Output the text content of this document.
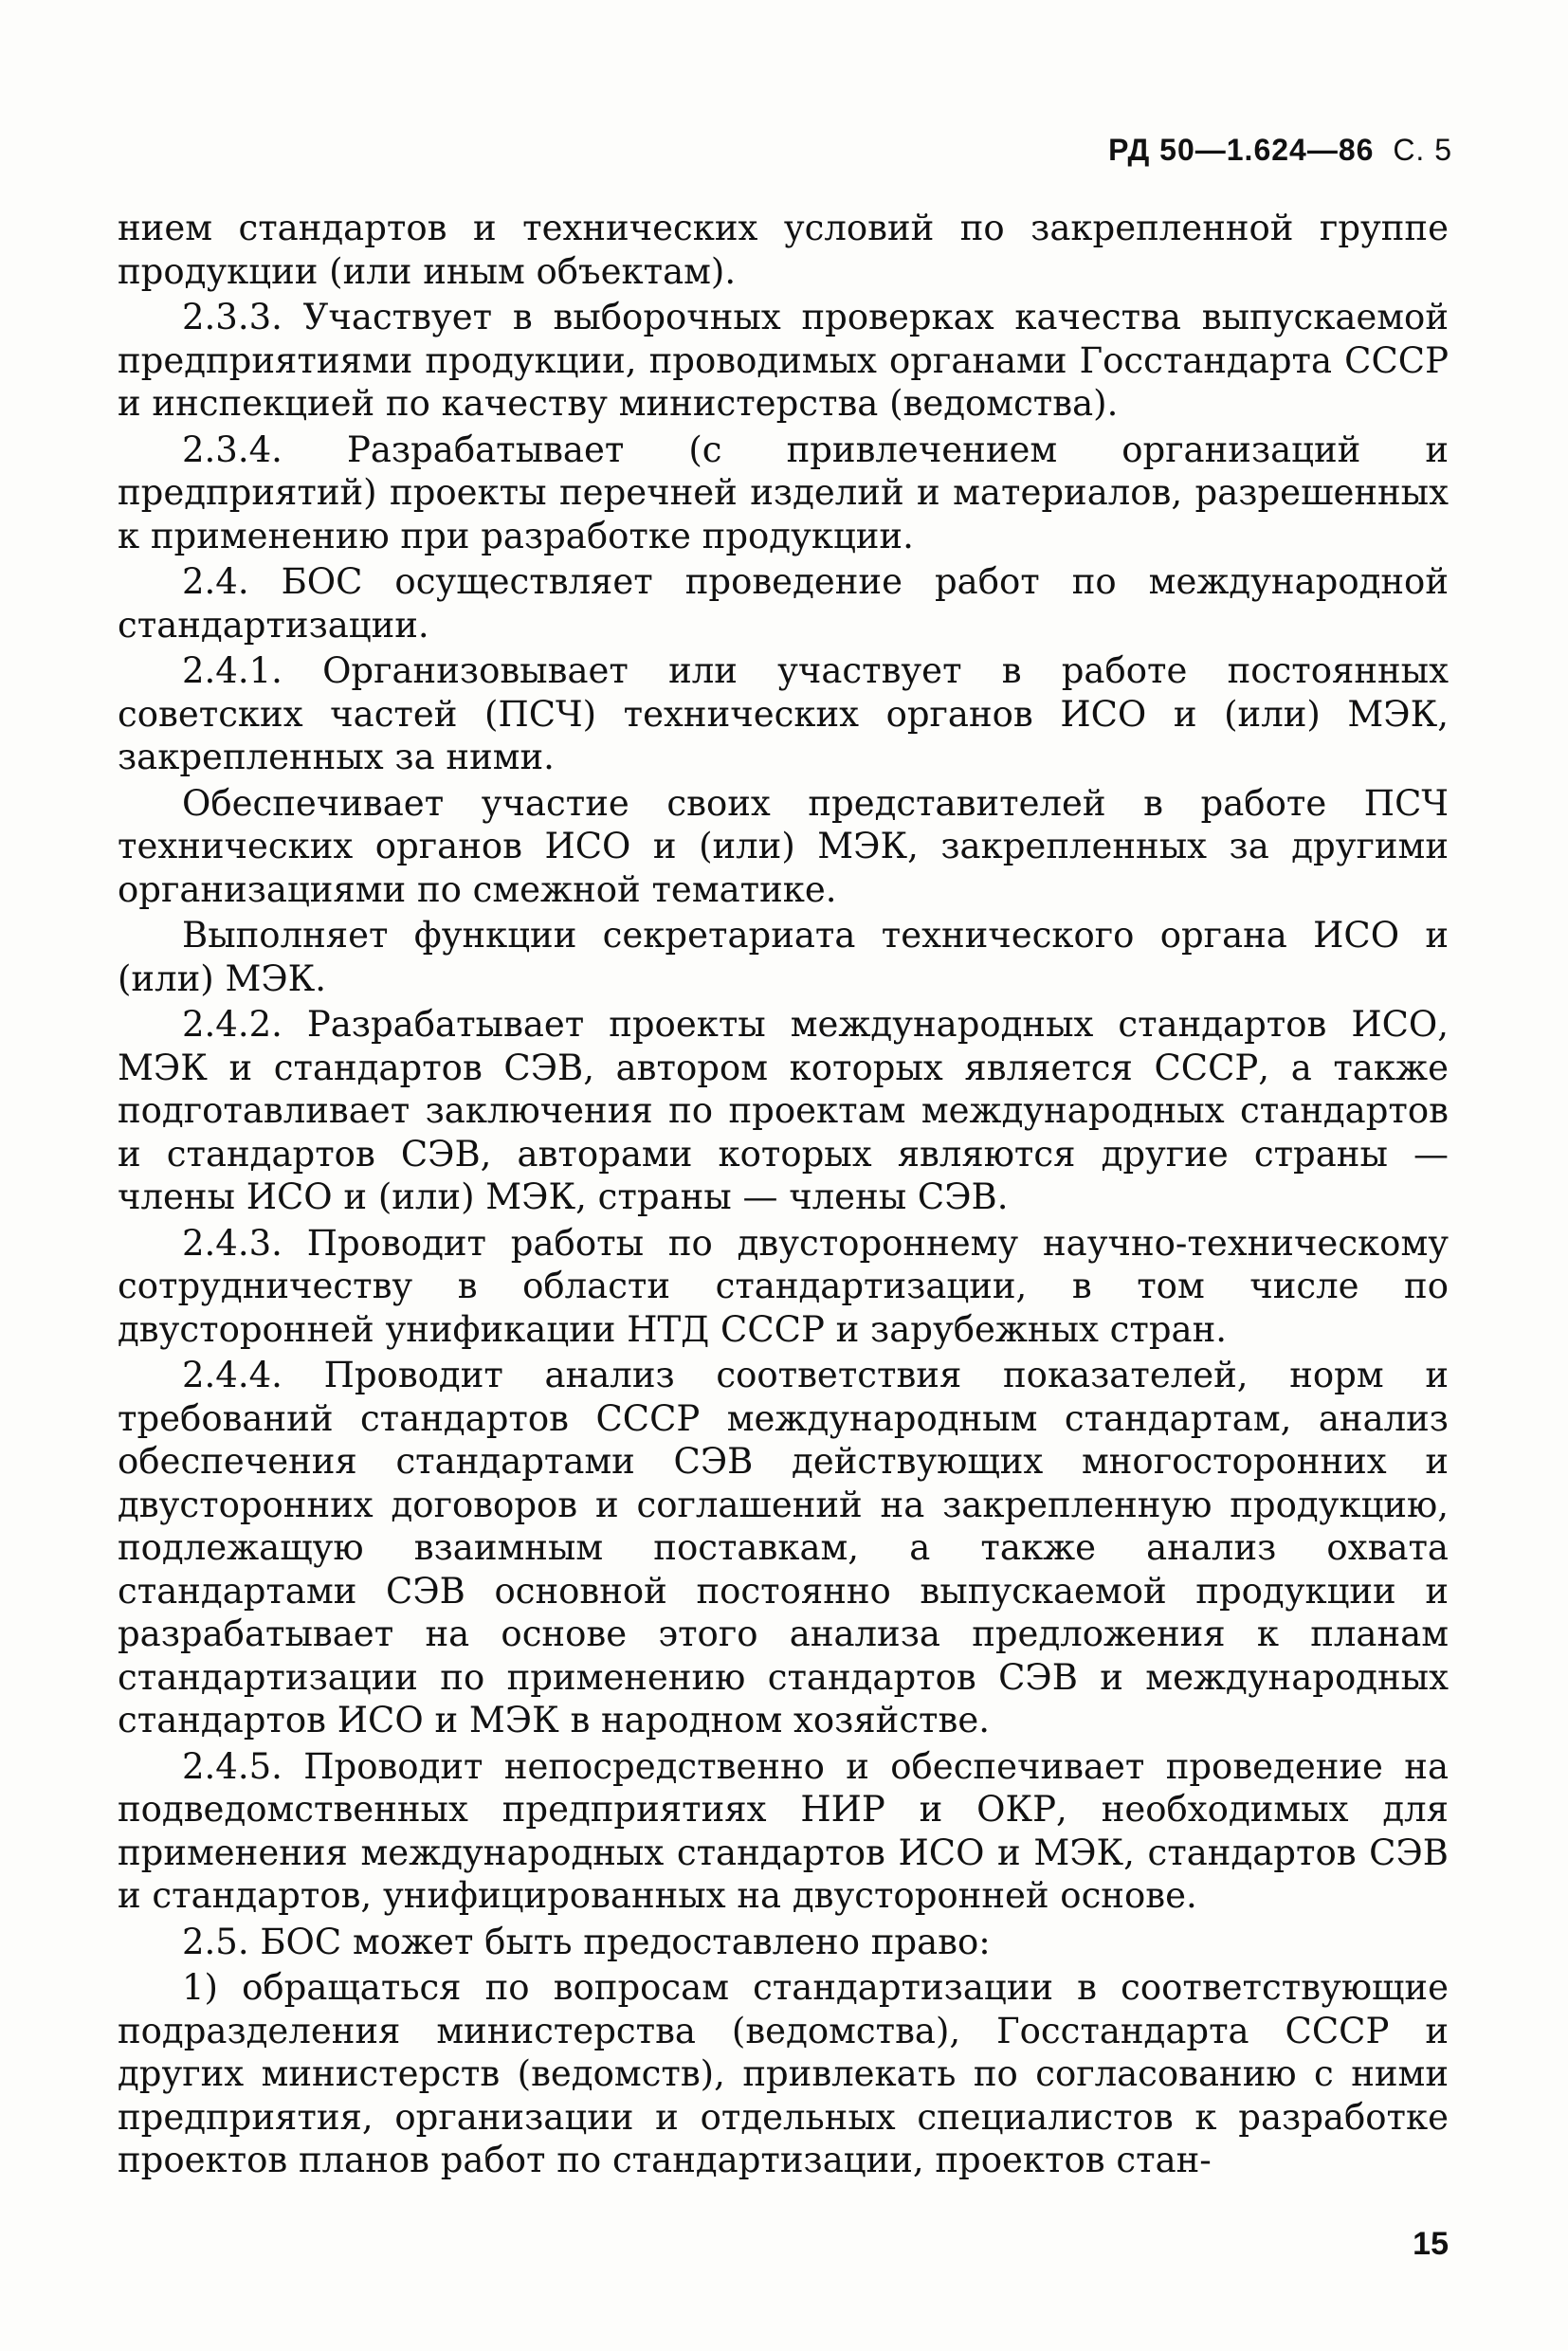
РД 50—1.624—86 С. 5

нием стандартов и технических условий по закрепленной группе продукции (или иным объектам).

2.3.3. Участвует в выборочных проверках качества выпускаемой предприятиями продукции, проводимых органами Госстандарта СССР и инспекцией по качеству министерства (ведомства).

2.3.4. Разрабатывает (с привлечением организаций и предприятий) проекты перечней изделий и материалов, разрешенных к применению при разработке продукции.

2.4. БОС осуществляет проведение работ по международной стандартизации.

2.4.1. Организовывает или участвует в работе постоянных советских частей (ПСЧ) технических органов ИСО и (или) МЭК, закрепленных за ними.

Обеспечивает участие своих представителей в работе ПСЧ технических органов ИСО и (или) МЭК, закрепленных за другими организациями по смежной тематике.

Выполняет функции секретариата технического органа ИСО и (или) МЭК.

2.4.2. Разрабатывает проекты международных стандартов ИСО, МЭК и стандартов СЭВ, автором которых является СССР, а также подготавливает заключения по проектам международных стандартов и стандартов СЭВ, авторами которых являются другие страны — члены ИСО и (или) МЭК, страны — члены СЭВ.

2.4.3. Проводит работы по двустороннему научно-техническому сотрудничеству в области стандартизации, в том числе по двусторонней унификации НТД СССР и зарубежных стран.

2.4.4. Проводит анализ соответствия показателей, норм и требований стандартов СССР международным стандартам, анализ обеспечения стандартами СЭВ действующих многосторонних и двусторонних договоров и соглашений на закрепленную продукцию, подлежащую взаимным поставкам, а также анализ охвата стандартами СЭВ основной постоянно выпускаемой продукции и разрабатывает на основе этого анализа предложения к планам стандартизации по применению стандартов СЭВ и международных стандартов ИСО и МЭК в народном хозяйстве.

2.4.5. Проводит непосредственно и обеспечивает проведение на подведомственных предприятиях НИР и ОКР, необходимых для применения международных стандартов ИСО и МЭК, стандартов СЭВ и стандартов, унифицированных на двусторонней основе.

2.5. БОС может быть предоставлено право:

1) обращаться по вопросам стандартизации в соответствующие подразделения министерства (ведомства), Госстандарта СССР и других министерств (ведомств), привлекать по согласованию с ними предприятия, организации и отдельных специалистов к разработке проектов планов работ по стандартизации, проектов стан-

15
